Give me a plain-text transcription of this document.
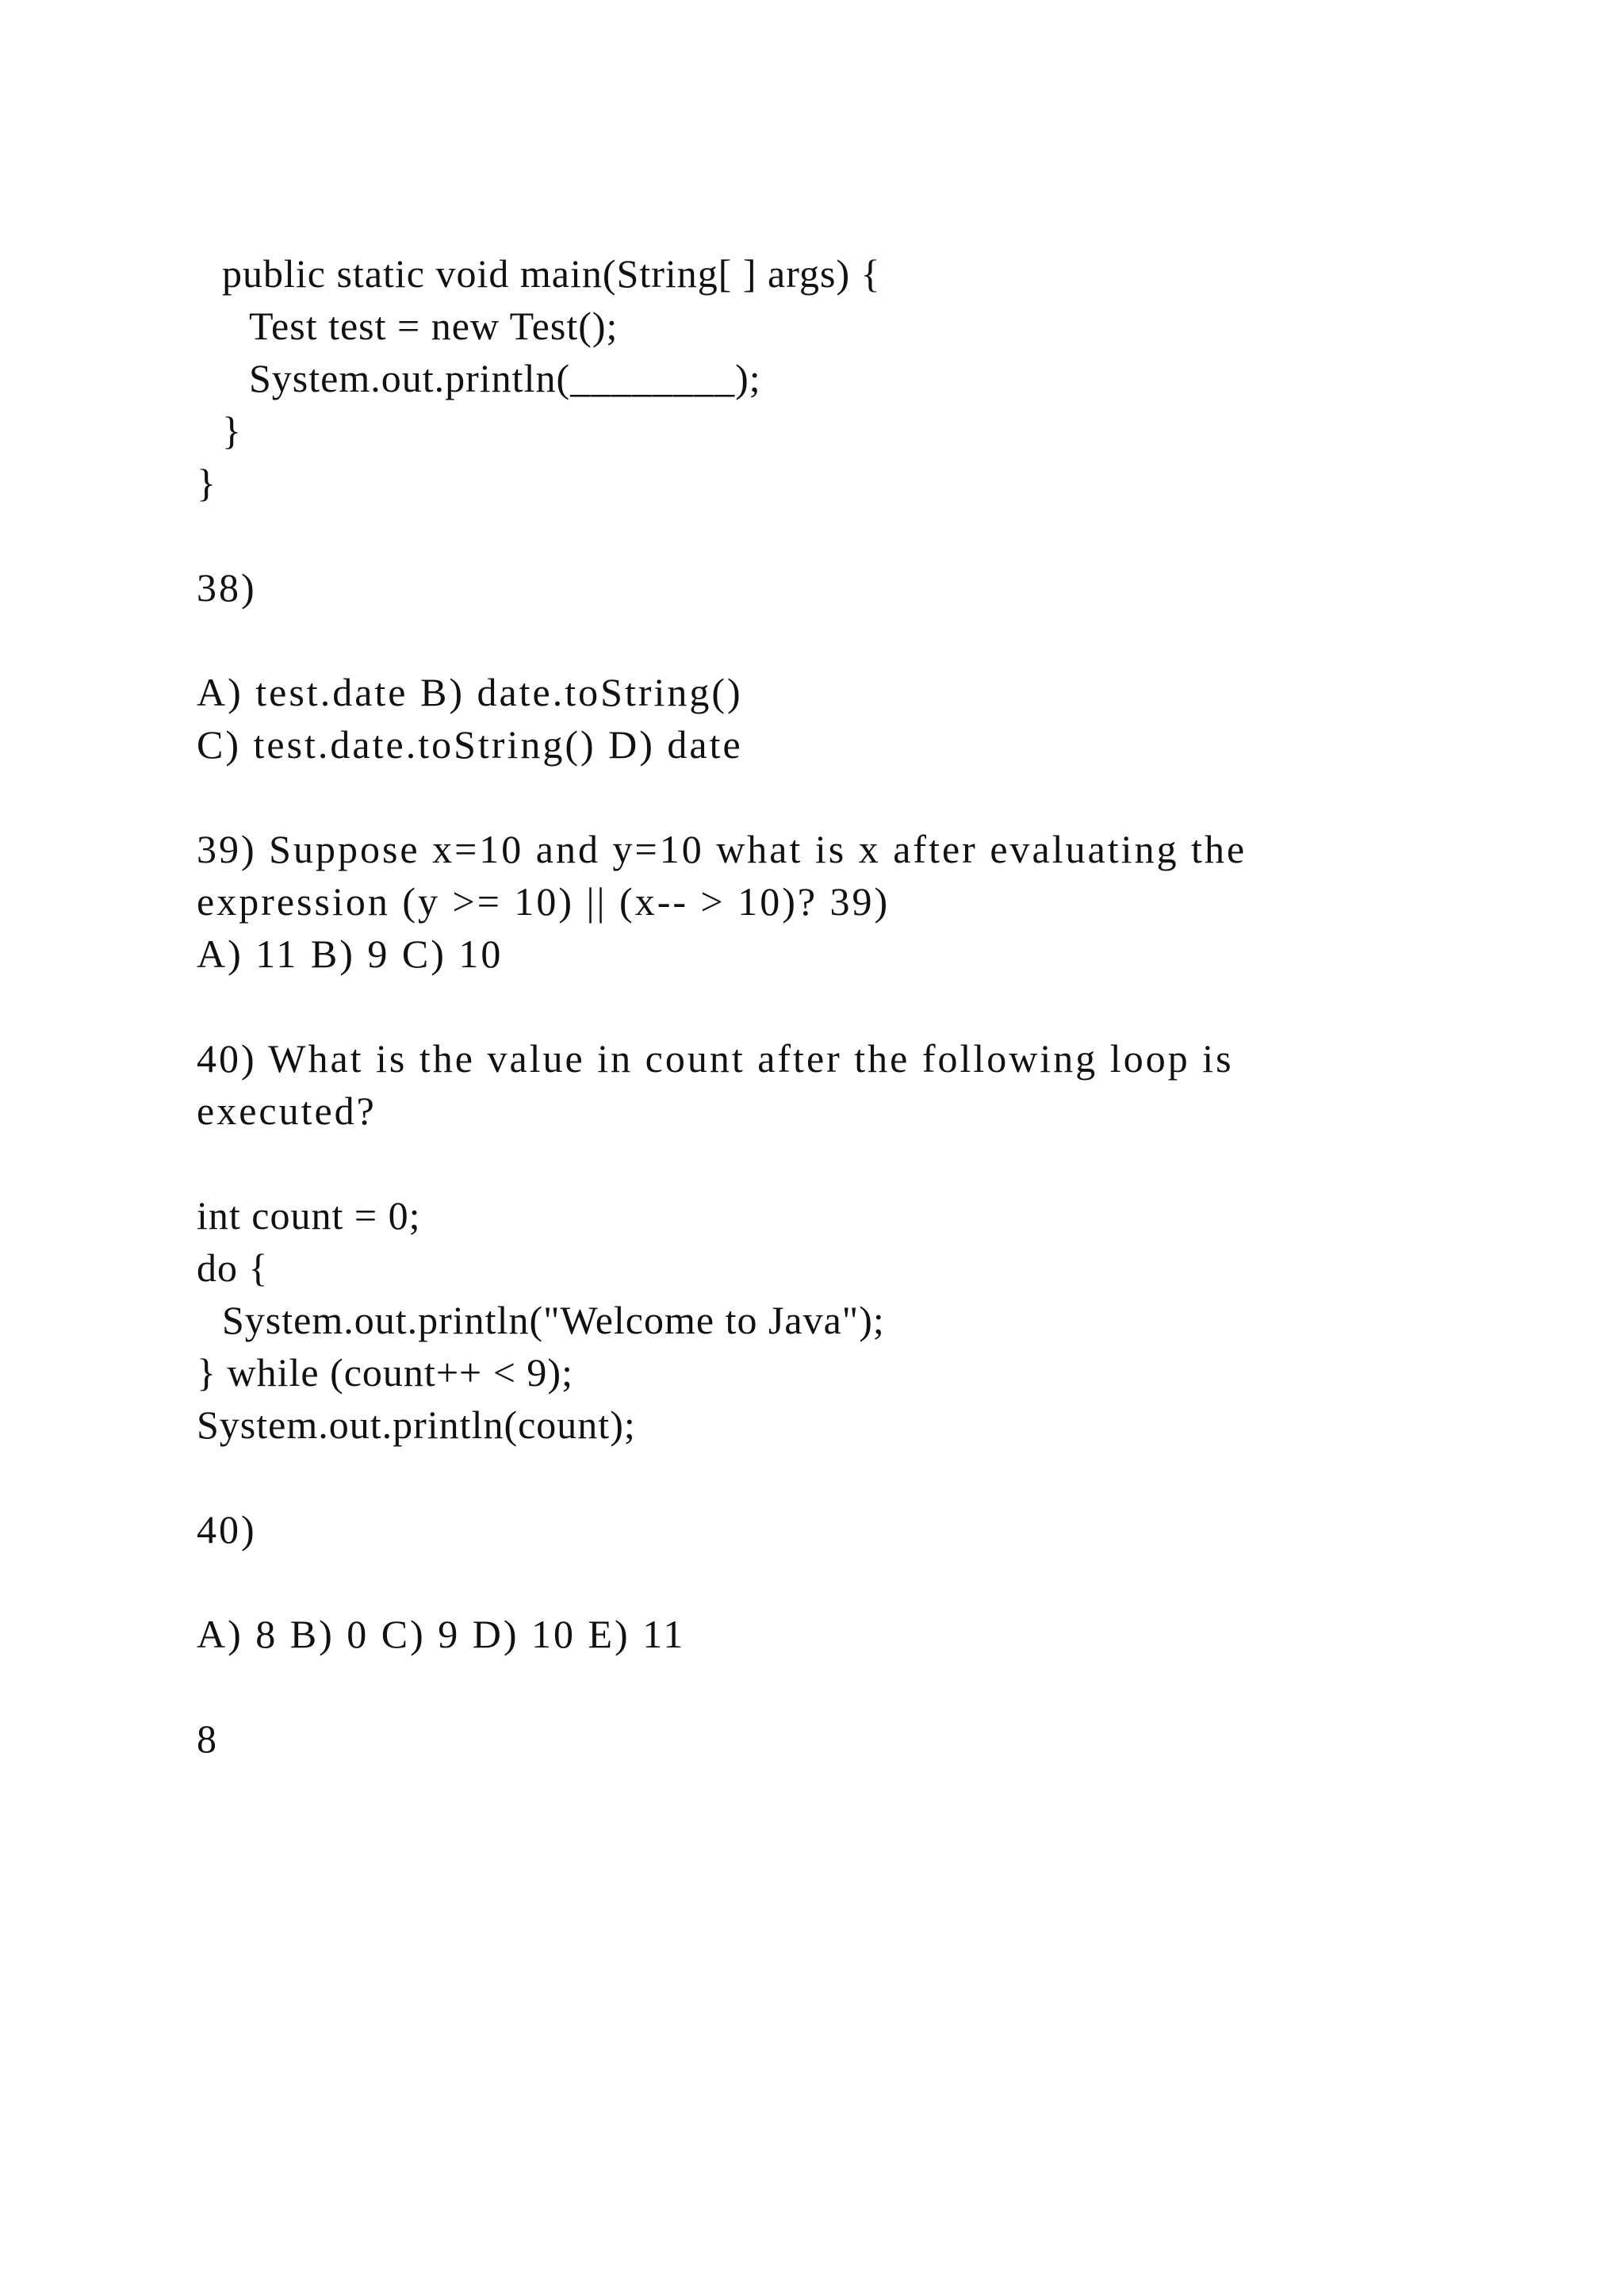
public static void main(String[ ] args) {
Test test = new Test();
System.out.println(________);
}
}
38)
A) test.date B) date.toString()
C) test.date.toString() D) date
39) Suppose x=10 and y=10 what is x after evaluating the
expression (y >= 10) || (x-- > 10)? 39)
A) 11 B) 9 C) 10
40) What is the value in count after the following loop is
executed?
int count = 0;
do {
System.out.println("Welcome to Java");
} while (count++ < 9);
System.out.println(count);
40)
A) 8 B) 0 C) 9 D) 10 E) 11
8
